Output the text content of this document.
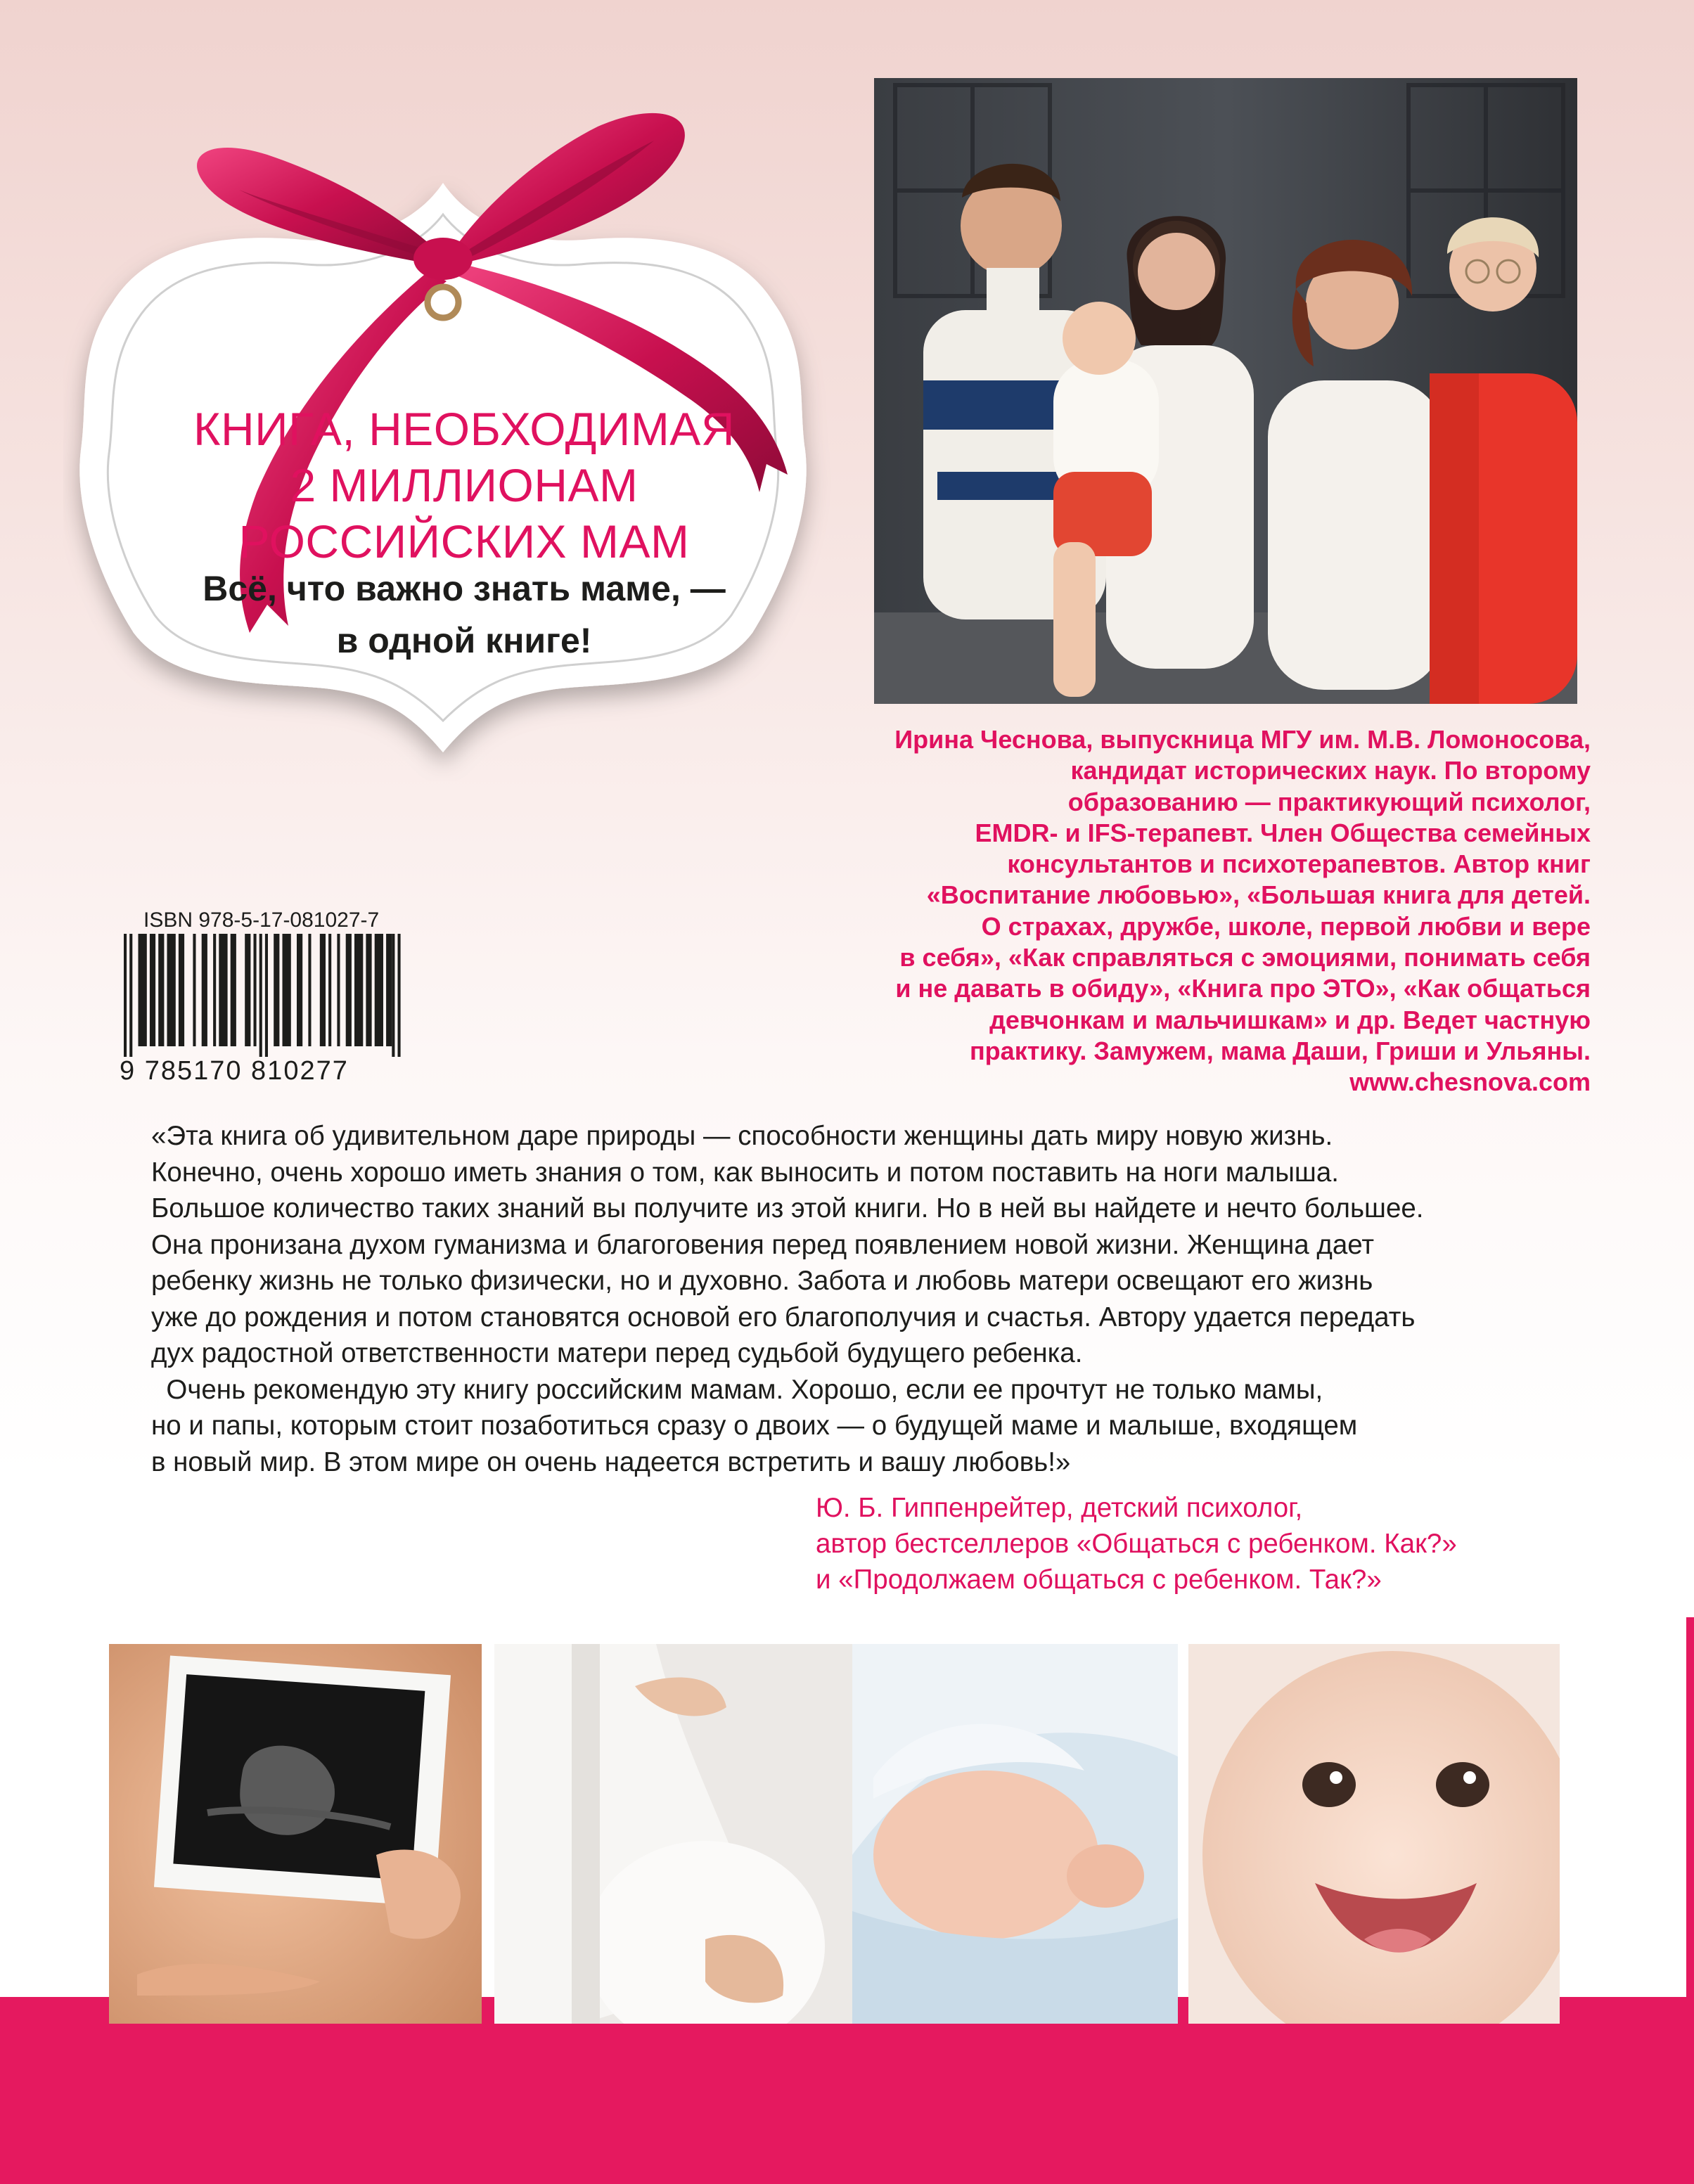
КНИГА, НЕОБХОДИМАЯ
2 МИЛЛИОНАМ
РОССИЙСКИХ МАМ
Всё, что важно знать маме, —
в одной книге!
Ирина Чеснова, выпускница МГУ им. М.В. Ломоносова,
кандидат исторических наук. По второму
образованию — практикующий психолог,
EMDR- и IFS-терапевт. Член Общества семейных
консультантов и психотерапевтов. Автор книг
«Воспитание любовью», «Большая книга для детей.
О страхах, дружбе, школе, первой любви и вере
в себя», «Как справляться с эмоциями, понимать себя
и не давать в обиду», «Книга про ЭТО», «Как общаться
девчонкам и мальчишкам» и др. Ведет частную
практику. Замужем, мама Даши, Гриши и Ульяны.
www.chesnova.com
ISBN 978-5-17-081027-7
9 785170 810277
«Эта книга об удивительном даре природы — способности женщины дать миру новую жизнь.
Конечно, очень хорошо иметь знания о том, как выносить и потом поставить на ноги малыша.
Большое количество таких знаний вы получите из этой книги. Но в ней вы найдете и нечто большее.
Она пронизана духом гуманизма и благоговения перед появлением новой жизни. Женщина дает
ребенку жизнь не только физически, но и духовно. Забота и любовь матери освещают его жизнь
уже до рождения и потом становятся основой его благополучия и счастья. Автору удается передать
дух радостной ответственности матери перед судьбой будущего ребенка.
Очень рекомендую эту книгу российским мамам. Хорошо, если ее прочтут не только мамы,
но и папы, которым стоит позаботиться сразу о двоих — о будущей маме и малыше, входящем
в новый мир. В этом мире он очень надеется встретить и вашу любовь!»
Ю. Б. Гиппенрейтер, детский психолог,
автор бестселлеров «Общаться с ребенком. Как?»
и «Продолжаем общаться с ребенком. Так?»
